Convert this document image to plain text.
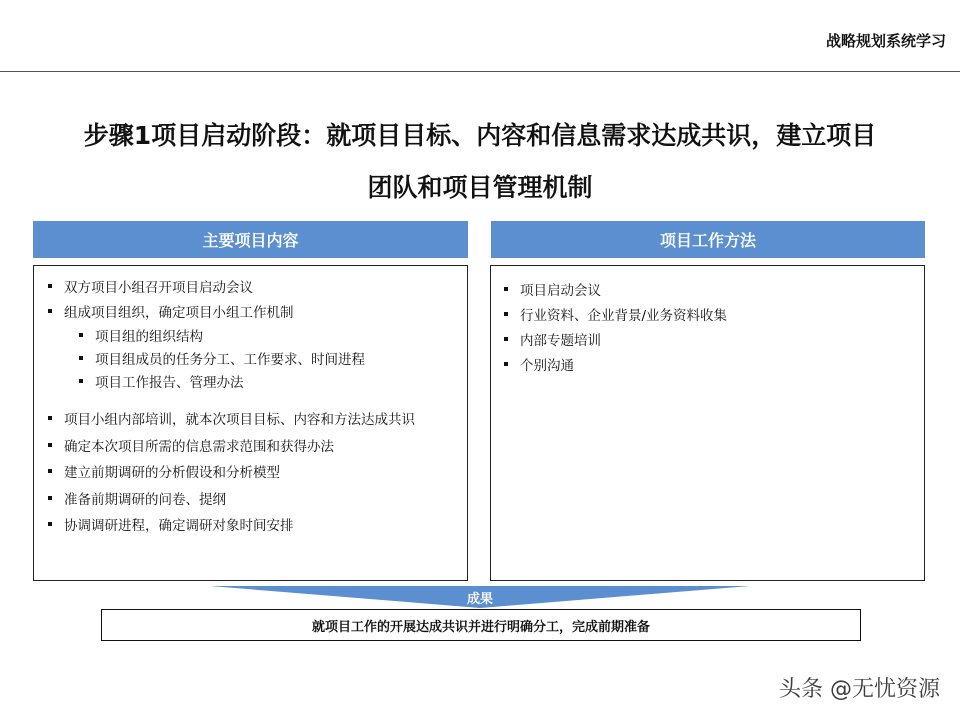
战略规划系统学习
步骤1项目启动阶段：就项目目标、内容和信息需求达成共识，建立项目
团队和项目管理机制
主要项目内容	项目工作方法
双方项目小组召开项目启动会议
组成项目组织，确定项目小组工作机制
项目组的组织结构
项目组成员的任务分工、工作要求、时间进程
项目工作报告、管理办法
项目小组内部培训，就本次项目目标、内容和方法达成共识
确定本次项目所需的信息需求范围和获得办法
建立前期调研的分析假设和分析模型
准备前期调研的问卷、提纲
协调调研进程，确定调研对象时间安排
项目启动会议
行业资料、企业背景/业务资料收集
内部专题培训
个别沟通
成果
就项目工作的开展达成共识并进行明确分工，完成前期准备
头条 @无忧资源
